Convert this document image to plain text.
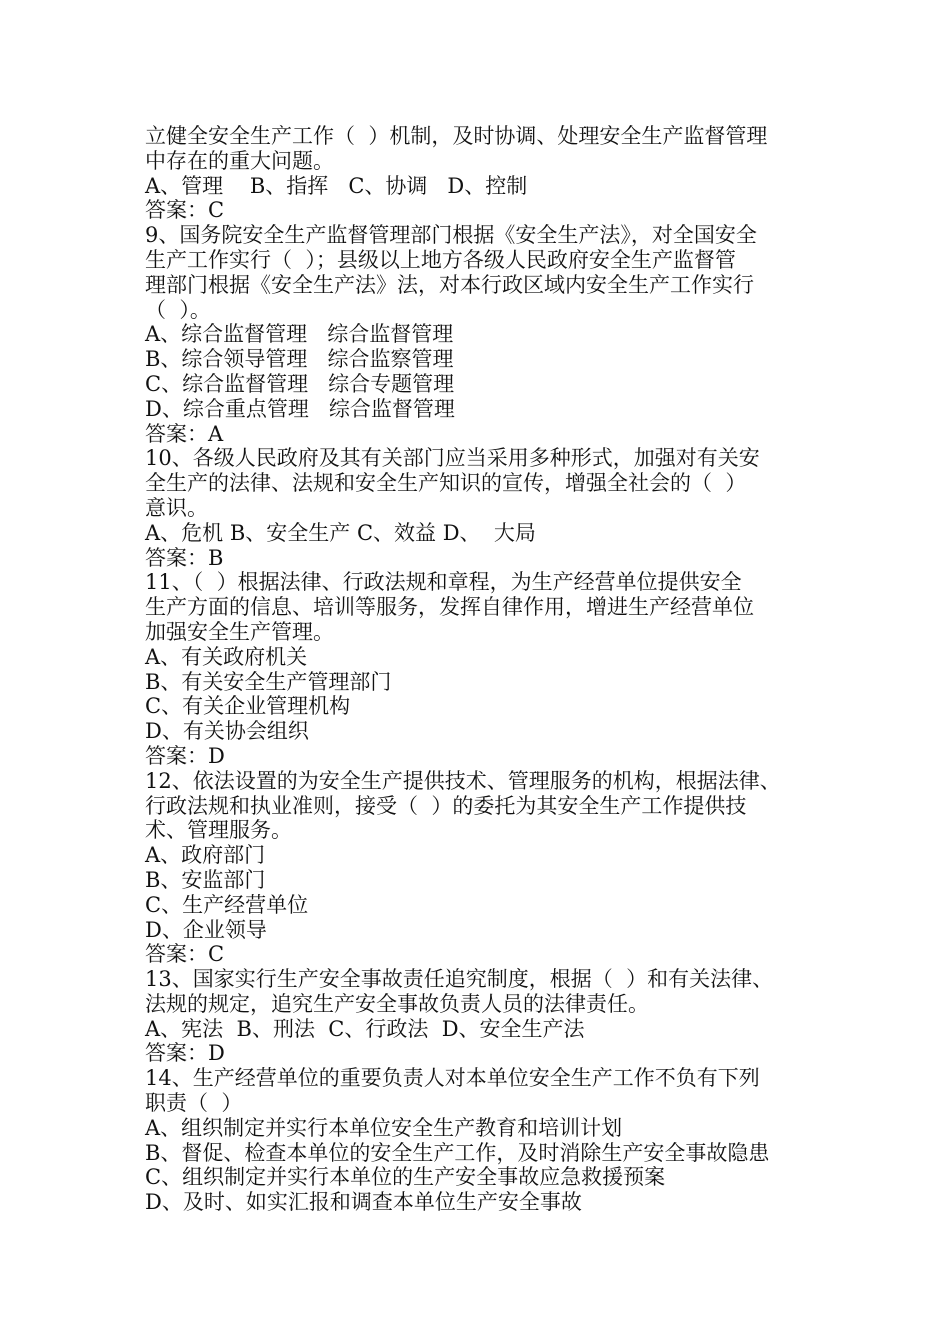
立健全安全生产工作（  ）机制，及时协调、处理安全生产监督管理
中存在的重大问题。
A、管理    B、指挥   C、协调   D、控制
答案：C
9、国务院安全生产监督管理部门根据《安全生产法》，对全国安全
生产工作实行（  ）；县级以上地方各级人民政府安全生产监督管
理部门根据《安全生产法》法，对本行政区域内安全生产工作实行
（  ）。
A、综合监督管理   综合监督管理
B、综合领导管理   综合监察管理
C、综合监督管理   综合专题管理
D、综合重点管理   综合监督管理
答案：A
10、各级人民政府及其有关部门应当采用多种形式，加强对有关安
全生产的法律、法规和安全生产知识的宣传，增强全社会的（  ）
意识。
A、危机 B、安全生产 C、效益 D、  大局
答案：B
11、（  ）根据法律、行政法规和章程，为生产经营单位提供安全
生产方面的信息、培训等服务，发挥自律作用，增进生产经营单位
加强安全生产管理。
A、有关政府机关
B、有关安全生产管理部门
C、有关企业管理机构
D、有关协会组织
答案：D
12、依法设置的为安全生产提供技术、管理服务的机构，根据法律、
行政法规和执业准则，接受（  ）的委托为其安全生产工作提供技
术、管理服务。
A、政府部门
B、安监部门
C、生产经营单位
D、企业领导
答案：C
13、国家实行生产安全事故责任追究制度，根据（  ）和有关法律、
法规的规定，追究生产安全事故负责人员的法律责任。
A、宪法  B、刑法  C、行政法  D、安全生产法
答案：D
14、生产经营单位的重要负责人对本单位安全生产工作不负有下列
职责（  ）
A、组织制定并实行本单位安全生产教育和培训计划
B、督促、检查本单位的安全生产工作，及时消除生产安全事故隐患
C、组织制定并实行本单位的生产安全事故应急救援预案
D、及时、如实汇报和调查本单位生产安全事故
